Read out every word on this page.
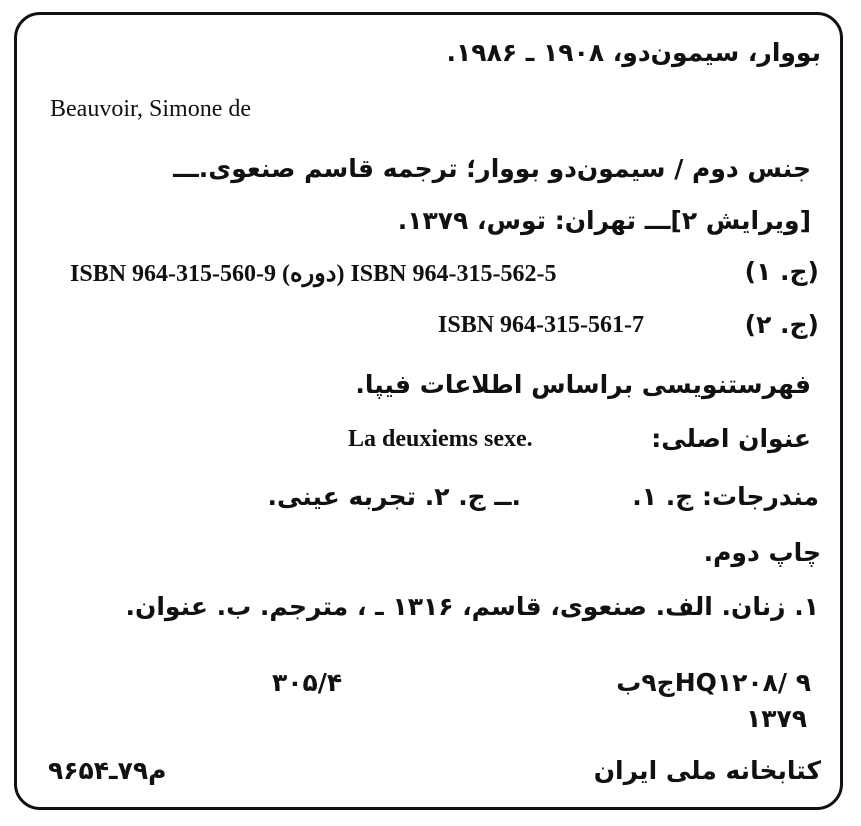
بووار، سیمون‌دو، ۱۹۰۸ ـ ۱۹۸۶.
Beauvoir, Simone de
جنس دوم / سیمون‌دو بووار؛ ترجمه قاسم صنعوی.ـــ
[ویرایش ۲]ـــ تهران: توس، ۱۳۷۹.
ISBN 964-315-560-9 (دوره) ISBN 964-315-562-5	(ج. ۱)
ISBN 964-315-561-7	(ج. ۲)
فهرستنویسی براساس اطلاعات فیپا.
عنوان اصلی:
La deuxiems sexe.
مندرجات: ج. ۱.
.ــ ج. ۲. تجربه عینی.
چاپ دوم.
۱. زنان. الف. صنعوی، قاسم، ۱۳۱۶ ـ ، مترجم. ب. عنوان.
HQ۱۲۰۸/ ۹ج۹ب
۱۳۷۹
۳۰۵/۴
کتابخانه ملی ایران
م۷۹ـ۹۶۵۴
